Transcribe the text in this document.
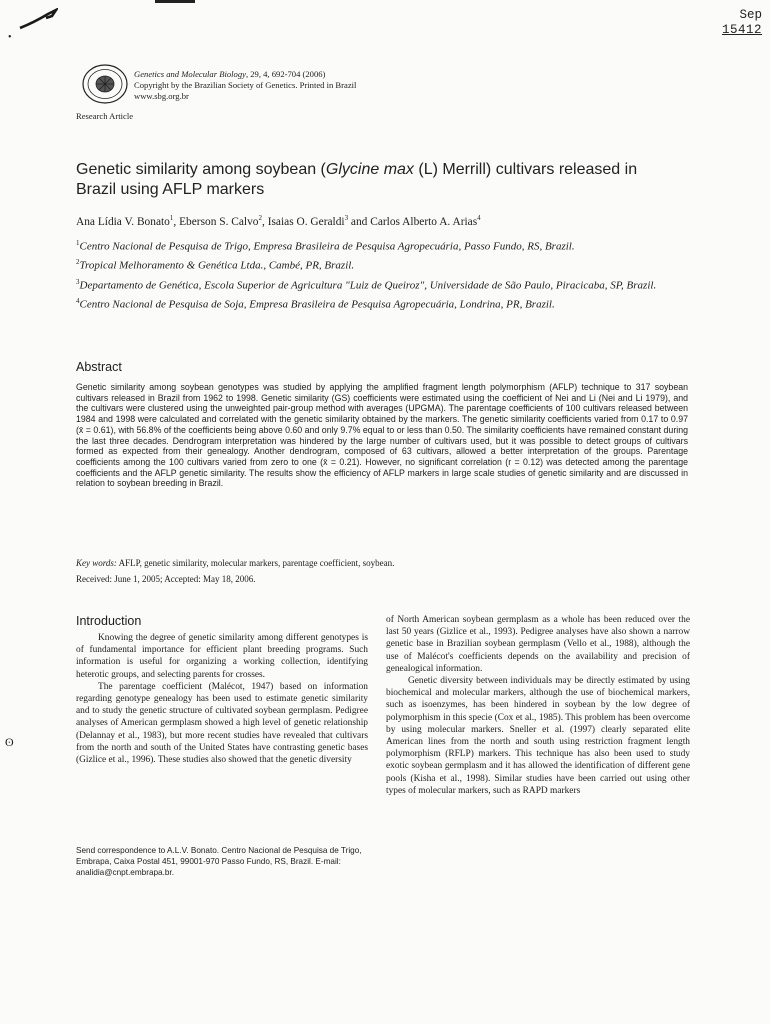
•
ʘ
Sep
15412
Genetics and Molecular Biology, 29, 4, 692-704 (2006)
Copyright by the Brazilian Society of Genetics. Printed in Brazil
www.sbg.org.br
Research Article
Genetic similarity among soybean (Glycine max (L) Merrill) cultivars released in Brazil using AFLP markers
Ana Lídia V. Bonato$^1$, Eberson S. Calvo$^2$, Isaias O. Geraldi$^3$ and Carlos Alberto A. Arias$^4$

$^1$Centro Nacional de Pesquisa de Trigo, Empresa Brasileira de Pesquisa Agropecuária, Passo Fundo, RS, Brazil.

$^2$Tropical Melhoramento & Genética Ltda., Cambé, PR, Brazil.

$^3$Departamento de Genética, Escola Superior de Agricultura "Luiz de Queiroz", Universidade de São Paulo, Piracicaba, SP, Brazil.

$^4$Centro Nacional de Pesquisa de Soja, Empresa Brasileira de Pesquisa Agropecuária, Londrina, PR, Brazil.

Abstract
Genetic similarity among soybean genotypes was studied by applying the amplified fragment length polymorphism (AFLP) technique to 317 soybean cultivars released in Brazil from 1962 to 1998. Genetic similarity (GS) coefficients were estimated using the coefficient of Nei and Li (Nei and Li 1979), and the cultivars were clustered using the unweighted pair-group method with averages (UPGMA). The parentage coefficients of 100 cultivars released between 1984 and 1998 were calculated and correlated with the genetic similarity obtained by the markers. The genetic similarity coefficients varied from 0.17 to 0.97 (x̄ = 0.61), with 56.8% of the coefficients being above 0.60 and only 9.7% equal to or less than 0.50. The similarity coefficients have remained constant during the last three decades. Dendrogram interpretation was hindered by the large number of cultivars used, but it was possible to detect groups of cultivars formed as expected from their genealogy. Another dendrogram, composed of 63 cultivars, allowed a better interpretation of the groups. Parentage coefficients among the 100 cultivars varied from zero to one (x̄ = 0.21). However, no significant correlation (r = 0.12) was detected among the parentage coefficients and the AFLP genetic similarity. The results show the efficiency of AFLP markers in large scale studies of genetic similarity and are discussed in relation to soybean breeding in Brazil.
Key words: AFLP, genetic similarity, molecular markers, parentage coefficient, soybean.
Received: June 1, 2005; Accepted: May 18, 2006.
Introduction

Knowing the degree of genetic similarity among different genotypes is of fundamental importance for efficient plant breeding programs. Such information is useful for organizing a working collection, identifying heterotic groups, and selecting parents for crosses.

The parentage coefficient (Malécot, 1947) based on information regarding genotype genealogy has been used to estimate genetic similarity and to study the genetic structure of cultivated soybean germplasm. Pedigree analyses of American germplasm showed a high level of genetic relationship (Delannay et al., 1983), but more recent studies have revealed that cultivars from the north and south of the United States have contrasting genetic bases (Gizlice et al., 1996). These studies also showed that the genetic diversity

Send correspondence to A.L.V. Bonato. Centro Nacional de Pesquisa de Trigo, Embrapa, Caixa Postal 451, 99001-970 Passo Fundo, RS, Brazil. E-mail: analidia@cnpt.embrapa.br.

of North American soybean germplasm as a whole has been reduced over the last 50 years (Gizlice et al., 1993). Pedigree analyses have also shown a narrow genetic base in Brazilian soybean germplasm (Vello et al., 1988), although the use of Malécot's coefficients depends on the availability and precision of genealogical information.

Genetic diversity between individuals may be directly estimated by using biochemical and molecular markers, although the use of biochemical markers, such as isoenzymes, has been hindered in soybean by the low degree of polymorphism in this specie (Cox et al., 1985). This problem has been overcome by using molecular markers. Sneller et al. (1997) clearly separated elite American lines from the north and south using restriction fragment length polymorphism (RFLP) markers. This technique has also been used to study exotic soybean germplasm and it has allowed the identification of different gene pools (Kisha et al., 1998). Similar studies have been carried out using other types of molecular markers, such as RAPD markers
